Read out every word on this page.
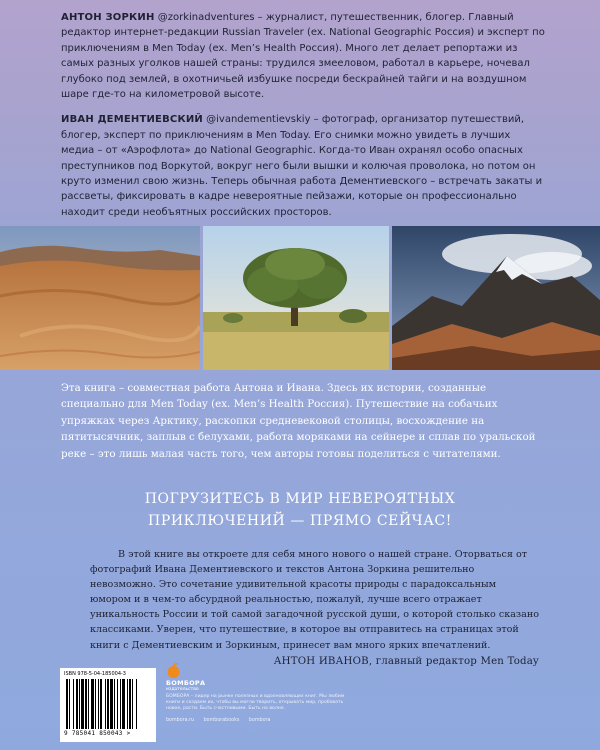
АНТОН ЗОРКИН @zorkinadventures – журналист, путешественник, блогер. Главный редактор интернет-редакции Russian Traveler (ex. National Geographic Россия) и эксперт по приключениям в Men Today (ex. Men’s Health Россия). Много лет делает репортажи из самых разных уголков нашей страны: трудился змееловом, работал в карьере, ночевал глубоко под землей, в охотничьей избушке посреди бескрайней тайги и на воздушном шаре где-то на километровой высоте.

ИВАН ДЕМЕНТИЕВСКИЙ @ivandementievskiy – фотограф, организатор путешествий, блогер, эксперт по приключениям в Men Today. Его снимки можно увидеть в лучших медиа – от «Аэрофлота» до National Geographic. Когда-то Иван охранял особо опасных преступников под Воркутой, вокруг него были вышки и колючая проволока, но потом он круто изменил свою жизнь. Теперь обычная работа Дементиевского – встречать закаты и рассветы, фиксировать в кадре невероятные пейзажи, которые он профессионально находит среди необъятных российских просторов.

Эта книга – совместная работа Антона и Ивана. Здесь их истории, созданные специально для Men Today (ex. Men’s Health Россия). Путешествие на собачьих упряжках через Арктику, раскопки средневековой столицы, восхождение на пятитысячник, заплыв с белухами, работа моряками на сейнере и сплав по уральской реке – это лишь малая часть того, чем авторы готовы поделиться с читателями.
ПОГРУЗИТЕСЬ В МИР НЕВЕРОЯТНЫХ
ПРИКЛЮЧЕНИЙ — ПРЯМО СЕЙЧАС!

В этой книге вы откроете для себя много нового о нашей стране. Оторваться от фотографий Ивана Дементиевского и текстов Антона Зоркина решительно невозможно. Это сочетание удивительной красоты природы с парадоксальным юмором и в чем-то абсурдной реальностью, пожалуй, лучше всего отражает уникальность России и той самой загадочной русской души, о которой столько сказано классиками. Уверен, что путешествие, в которое вы отправитесь на страницах этой книги с Дементиевским и Зоркиным, принесет вам много ярких впечатлений.

АНТОН ИВАНОВ, главный редактор Men Today
ISBN 978-5-04-185004-3
9 785041 850043 >
БОМБОРА
издательство
БОМБОРА – лидер на рынке полезных и вдохновляющих книг. Мы любим книги и создаем их, чтобы вы могли творить, открывать мир, пробовать новое, расти. Быть счастливыми. Быть на волне.
bombora.ru bomborabooks bombora
